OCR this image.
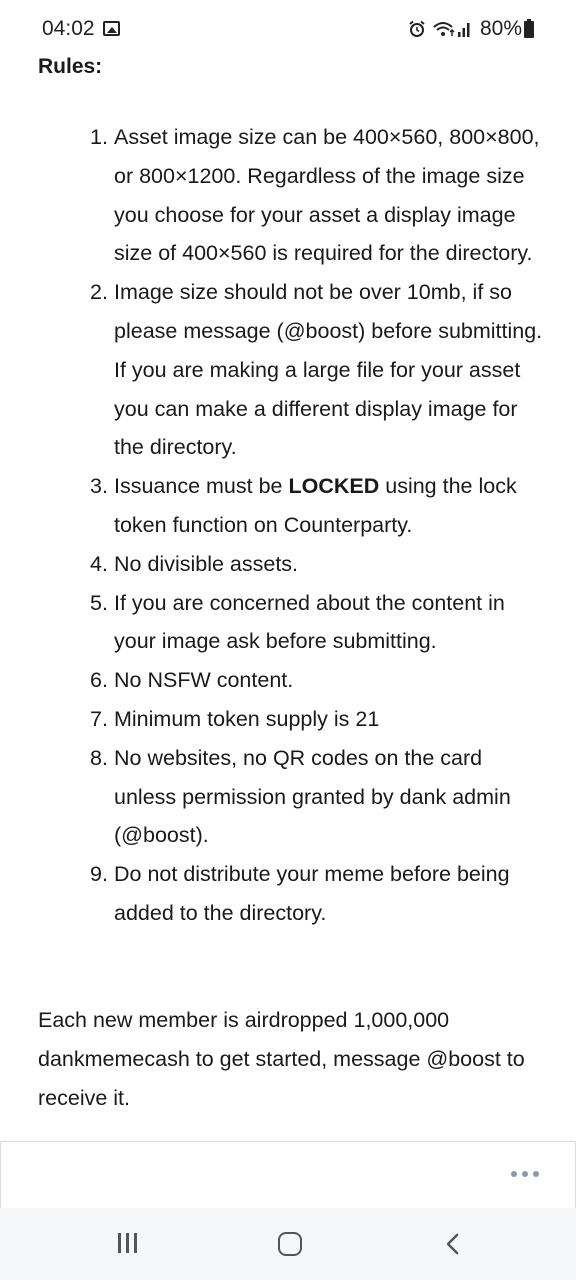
04:02	80%
Rules:
1. Asset image size can be 400×560, 800×800, or 800×1200. Regardless of the image size you choose for your asset a display image size of 400×560 is required for the directory.
2. Image size should not be over 10mb, if so please message (@boost) before submitting. If you are making a large file for your asset you can make a different display image for the directory.
3. Issuance must be LOCKED using the lock token function on Counterparty.
4. No divisible assets.
5. If you are concerned about the content in your image ask before submitting.
6. No NSFW content.
7. Minimum token supply is 21
8. No websites, no QR codes on the card unless permission granted by dank admin (@boost).
9. Do not distribute your meme before being added to the directory.

Each new member is airdropped 1,000,000 dankmemecash to get started, message @boost to receive it.
